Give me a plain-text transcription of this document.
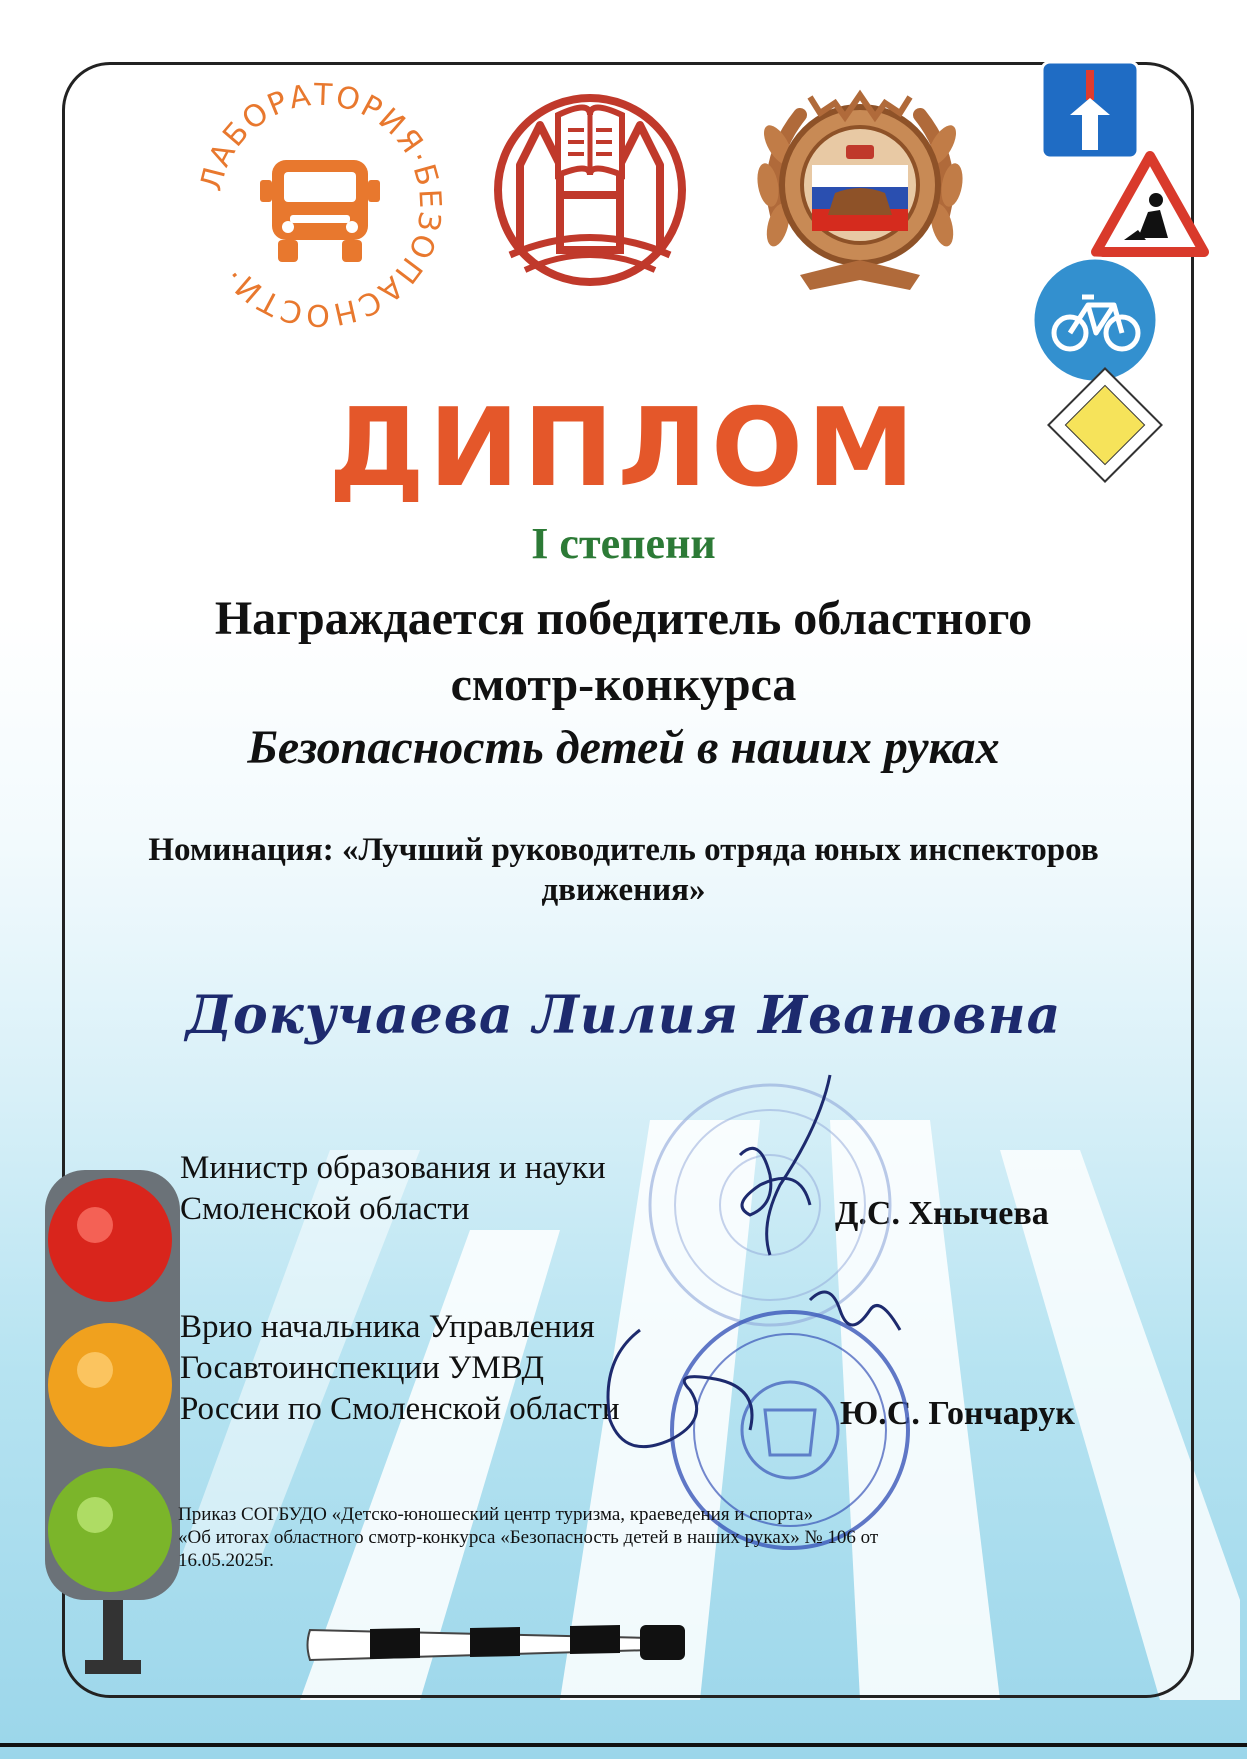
ЛАБОРАТОРИЯ·БЕЗОПАСНОСТИ·
ДИПЛОМ
I степени
Награждается победитель областного
смотр-конкурса
Безопасность детей в наших руках
Номинация: «Лучший руководитель отряда юных инспекторов
движения»
Докучаева Лилия Ивановна
Министр образования и науки
Смоленской области	Д.С. Хнычева
Врио начальника Управления
Госавтоинспекции УМВД
России по Смоленской области	Ю.С. Гончарук
Приказ СОГБУДО «Детско-юношеский центр туризма, краеведения и спорта»
«Об итогах областного смотр-конкурса «Безопасность детей в наших руках» № 106 от
16.05.2025г.
